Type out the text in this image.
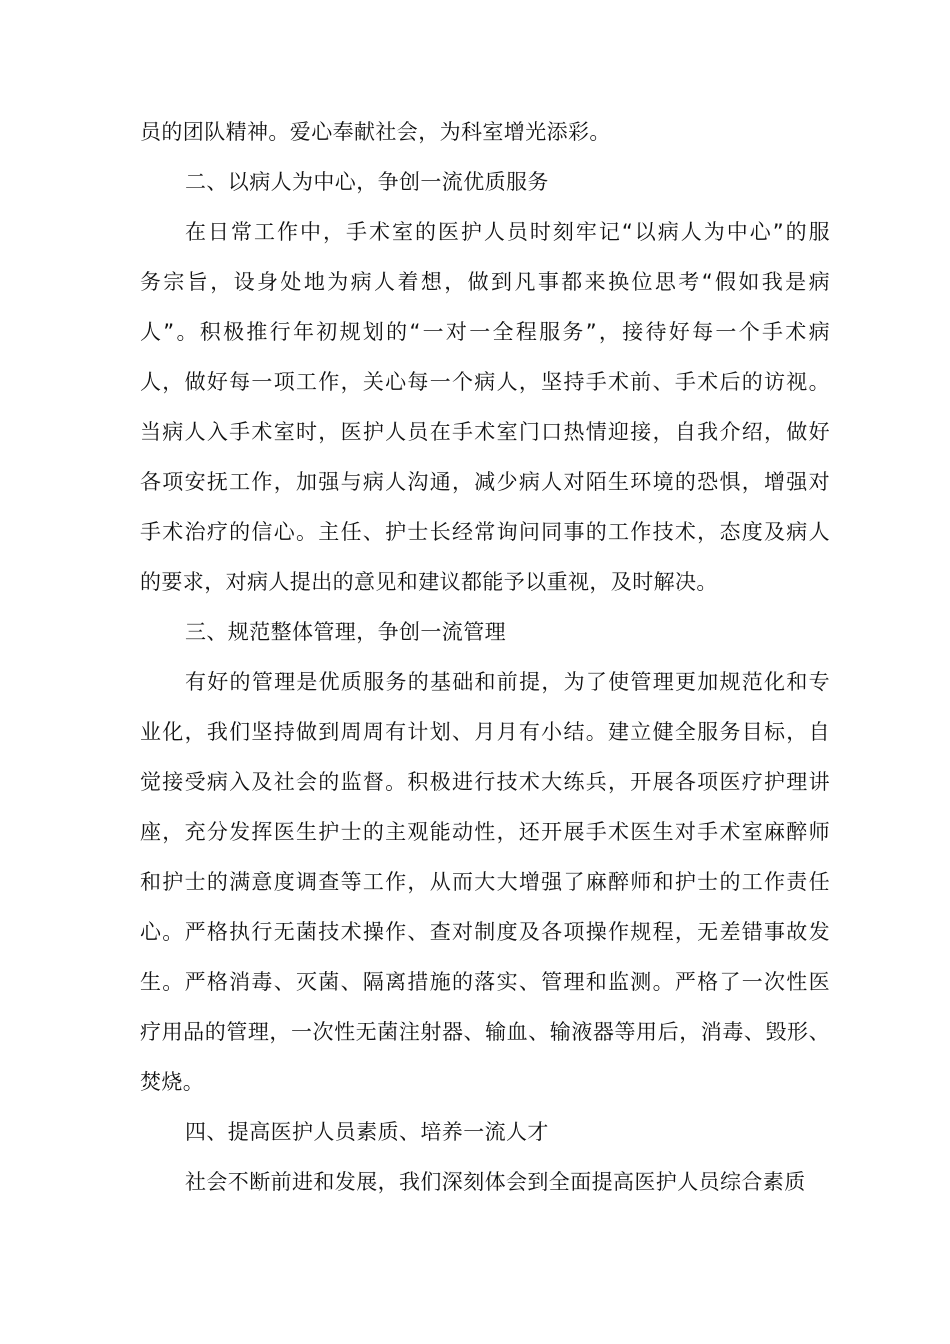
员的团队精神。爱心奉献社会，为科室增光添彩。
二、以病人为中心，争创一流优质服务
在日常工作中，手术室的医护人员时刻牢记“以病人为中心”的服
务宗旨，设身处地为病人着想，做到凡事都来换位思考“假如我是病
人”。积极推行年初规划的“一对一全程服务”，接待好每一个手术病
人，做好每一项工作，关心每一个病人，坚持手术前、手术后的访视。
当病人入手术室时，医护人员在手术室门口热情迎接，自我介绍，做好
各项安抚工作，加强与病人沟通，减少病人对陌生环境的恐惧，增强对
手术治疗的信心。主任、护士长经常询问同事的工作技术，态度及病人
的要求，对病人提出的意见和建议都能予以重视，及时解决。
三、规范整体管理，争创一流管理
有好的管理是优质服务的基础和前提，为了使管理更加规范化和专
业化，我们坚持做到周周有计划、月月有小结。建立健全服务目标，自
觉接受病入及社会的监督。积极进行技术大练兵，开展各项医疗护理讲
座，充分发挥医生护士的主观能动性，还开展手术医生对手术室麻醉师
和护士的满意度调查等工作，从而大大增强了麻醉师和护士的工作责任
心。严格执行无菌技术操作、查对制度及各项操作规程，无差错事故发
生。严格消毒、灭菌、隔离措施的落实、管理和监测。严格了一次性医
疗用品的管理，一次性无菌注射器、输血、输液器等用后，消毒、毁形、
焚烧。
四、提高医护人员素质、培养一流人才
社会不断前进和发展，我们深刻体会到全面提高医护人员综合素质
